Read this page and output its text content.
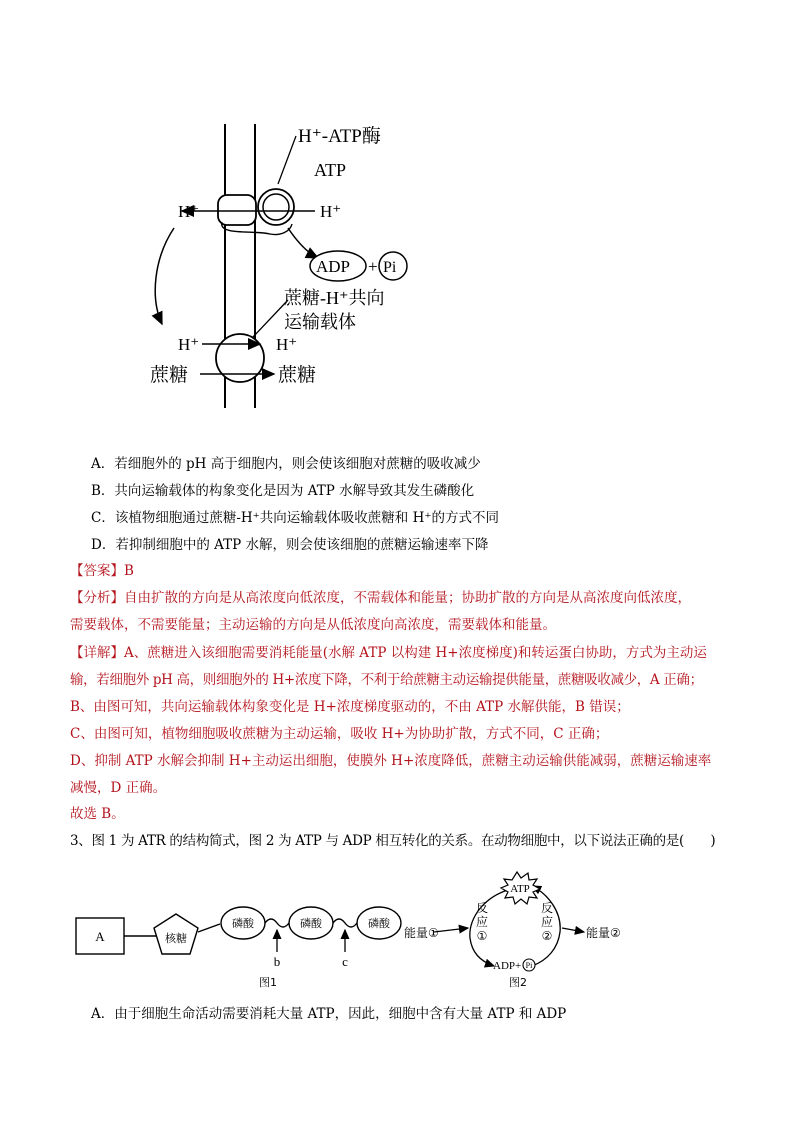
H⁺-ATP酶
ATP
H⁺	H⁺
ADP + Pi
蔗糖-H⁺共向
运输载体
H⁺	H⁺
蔗糖	蔗糖
A．若细胞外的 pH 高于细胞内，则会使该细胞对蔗糖的吸收减少
B．共向运输载体的构象变化是因为 ATP 水解导致其发生磷酸化
C．该植物细胞通过蔗糖-H⁺共向运输载体吸收蔗糖和 H⁺的方式不同
D．若抑制细胞中的 ATP 水解，则会使该细胞的蔗糖运输速率下降
【答案】B
【分析】自由扩散的方向是从高浓度向低浓度，不需载体和能量；协助扩散的方向是从高浓度向低浓度，
需要载体，不需要能量；主动运输的方向是从低浓度向高浓度，需要载体和能量。
【详解】A、蔗糖进入该细胞需要消耗能量(水解 ATP 以构建 H+浓度梯度)和转运蛋白协助，方式为主动运
输，若细胞外 pH 高，则细胞外的 H+浓度下降，不利于给蔗糖主动运输提供能量，蔗糖吸收减少，A 正确；
B、由图可知，共向运输载体构象变化是 H+浓度梯度驱动的，不由 ATP 水解供能，B 错误；
C、由图可知，植物细胞吸收蔗糖为主动运输，吸收 H+为协助扩散，方式不同，C 正确；
D、抑制 ATP 水解会抑制 H+主动运出细胞，使膜外 H+浓度降低，蔗糖主动运输供能减弱，蔗糖运输速率
减慢，D 正确。
故选 B。
3、图 1 为 ATR 的结构简式，图 2 为 ATP 与 ADP 相互转化的关系。在动物细胞中，以下说法正确的是(　　)
A	核糖
磷酸	磷酸	磷酸
b	c
图1
ATP
反
应
①
反
应
②
能量①	能量②
ADP+ Pi
图2
A．由于细胞生命活动需要消耗大量 ATP，因此，细胞中含有大量 ATP 和 ADP
